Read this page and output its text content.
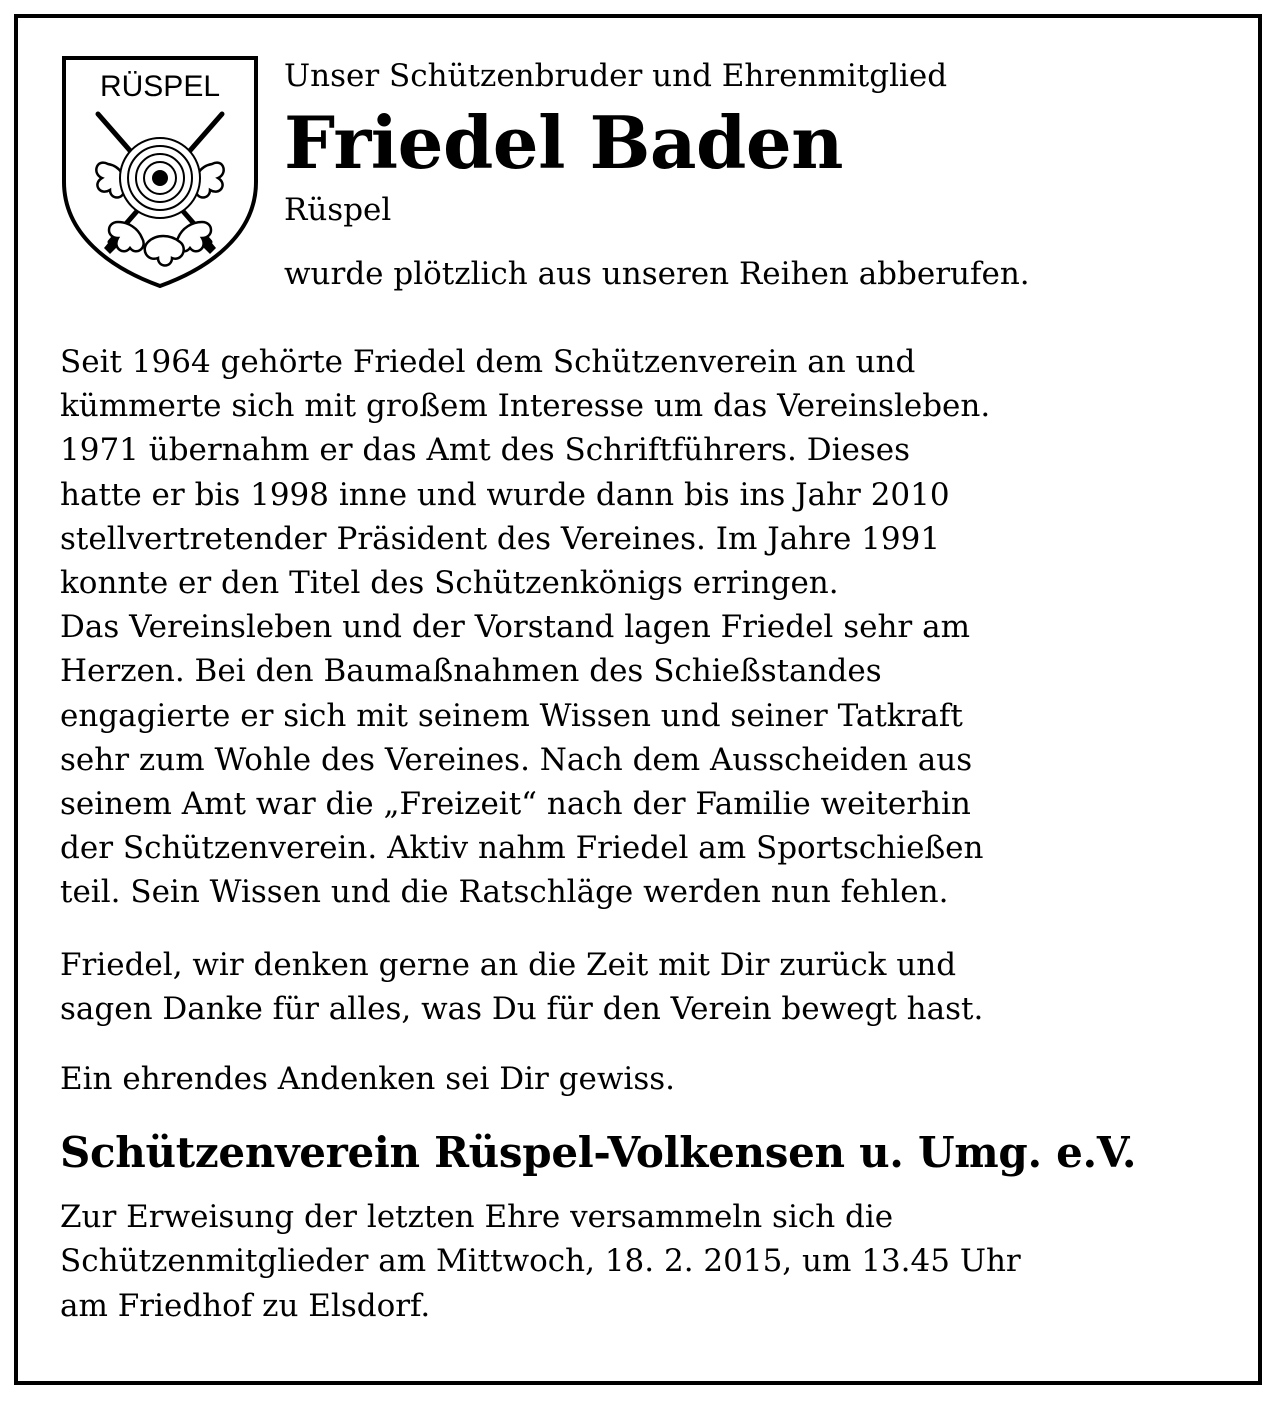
RÜSPEL Unser Schützenbruder und Ehrenmitglied
Friedel Baden
Rüspel
wurde plötzlich aus unseren Reihen abberufen.

Seit 1964 gehörte Friedel dem Schützenverein an und
kümmerte sich mit großem Interesse um das Vereinsleben.
1971 übernahm er das Amt des Schriftführers. Dieses
hatte er bis 1998 inne und wurde dann bis ins Jahr 2010
stellvertretender Präsident des Vereines. Im Jahre 1991
konnte er den Titel des Schützenkönigs erringen.
Das Vereinsleben und der Vorstand lagen Friedel sehr am
Herzen. Bei den Baumaßnahmen des Schießstandes
engagierte er sich mit seinem Wissen und seiner Tatkraft
sehr zum Wohle des Vereines. Nach dem Ausscheiden aus
seinem Amt war die „Freizeit“ nach der Familie weiterhin
der Schützenverein. Aktiv nahm Friedel am Sportschießen
teil. Sein Wissen und die Ratschläge werden nun fehlen.

Friedel, wir denken gerne an die Zeit mit Dir zurück und
sagen Danke für alles, was Du für den Verein bewegt hast.

Ein ehrendes Andenken sei Dir gewiss.

Schützenverein Rüspel-Volkensen u. Umg. e.V.

Zur Erweisung der letzten Ehre versammeln sich die
Schützenmitglieder am Mittwoch, 18. 2. 2015, um 13.45 Uhr
am Friedhof zu Elsdorf.
